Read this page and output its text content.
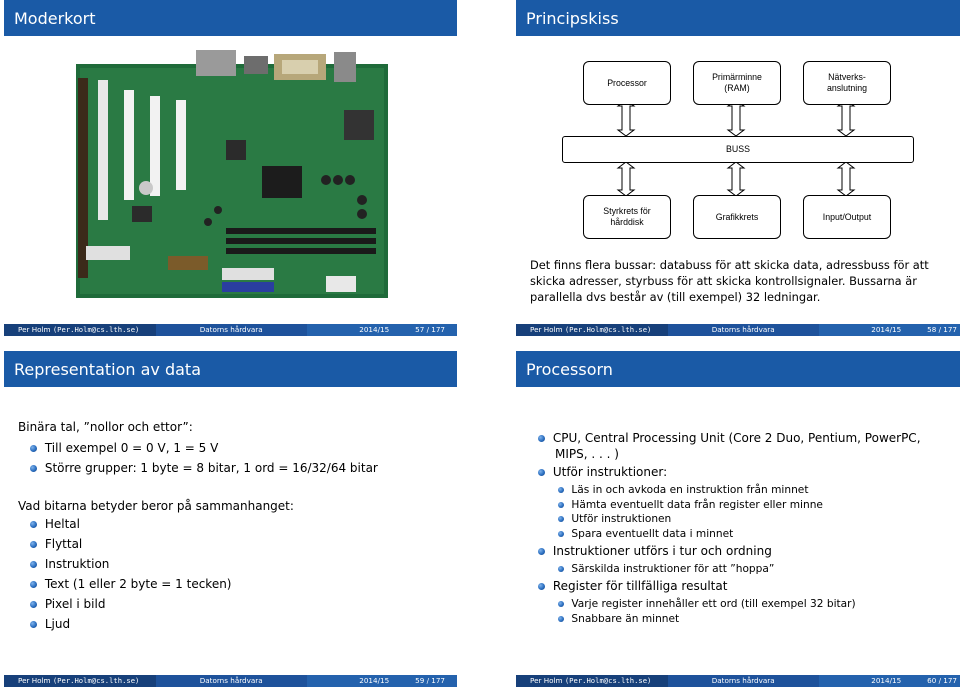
Moderkort
Per Holm (Per.Holm@cs.lth.se)	Datorns hårdvara	2014/15	57 / 177
Principskiss
Processor
Primärminne
(RAM)
Nätverks-
anslutning
BUSS
Styrkrets för
hårddisk
Grafikkrets	Input/Output
Det finns flera bussar: databuss för att skicka data, adressbuss för att
skicka adresser, styrbuss för att skicka kontrollsignaler. Bussarna är
parallella dvs består av (till exempel) 32 ledningar.
Per Holm (Per.Holm@cs.lth.se)	Datorns hårdvara	2014/15	58 / 177
Representation av data
Binära tal, ”nollor och ettor”:
Till exempel 0 = 0 V, 1 = 5 V
Större grupper: 1 byte = 8 bitar, 1 ord = 16/32/64 bitar
Vad bitarna betyder beror på sammanhanget:
Heltal
Flyttal
Instruktion
Text (1 eller 2 byte = 1 tecken)
Pixel i bild
Ljud
Per Holm (Per.Holm@cs.lth.se)	Datorns hårdvara	2014/15	59 / 177
Processorn
CPU, Central Processing Unit (Core 2 Duo, Pentium, PowerPC,
MIPS, . . . )
Utför instruktioner:
Läs in och avkoda en instruktion från minnet
Hämta eventuellt data från register eller minne
Utför instruktionen
Spara eventuellt data i minnet
Instruktioner utförs i tur och ordning
Särskilda instruktioner för att ”hoppa”
Register för tillfälliga resultat
Varje register innehåller ett ord (till exempel 32 bitar)
Snabbare än minnet
Per Holm (Per.Holm@cs.lth.se)	Datorns hårdvara	2014/15	60 / 177
